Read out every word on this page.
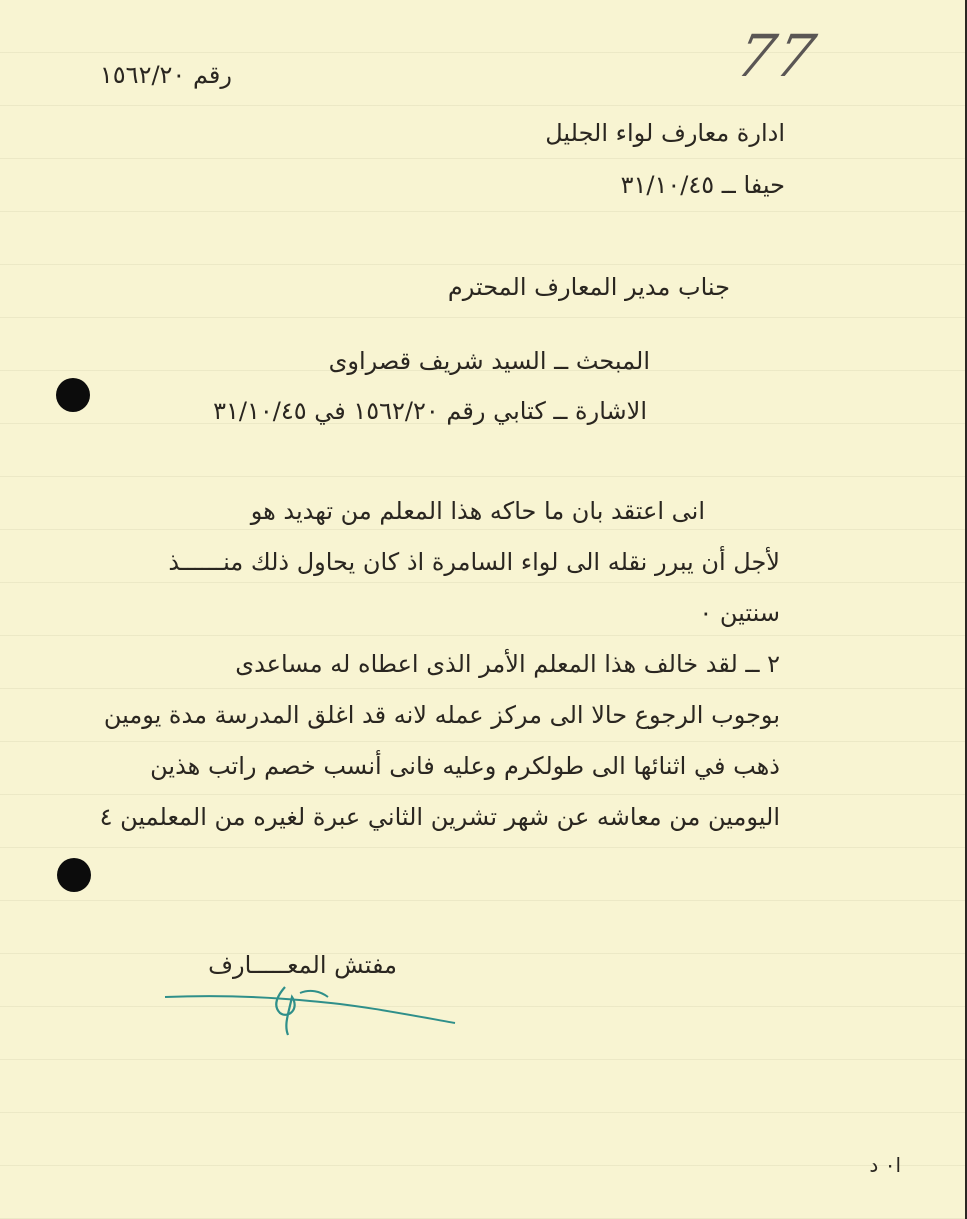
77
رقم ١٥٦٢/٢٠
ادارة معارف لواء الجليل
حيفا ــ ٣١/١٠/٤٥
جناب مدير المعارف المحترم
المبحث ــ السيد شريف قصراوى
الاشارة ــ كتابي رقم ١٥٦٢/٢٠ في ٣١/١٠/٤٥
انى اعتقد بان ما حاكه هذا المعلم من تهديد هو
لأجل أن يبرر نقله الى لواء السامرة اذ كان يحاول ذلك منــــــذ
سنتين ٠
٢ ــ لقد خالف هذا المعلم الأمر الذى اعطاه له مساعدى
بوجوب الرجوع حالا الى مركز عمله لانه قد اغلق المدرسة مدة يومين
ذهب في اثنائها الى طولكرم وعليه فانى أنسب خصم راتب هذين
اليومين من معاشه عن شهر تشرين الثاني عبرة لغيره من المعلمين ٤
مفتش المعـــــارف
ا٠ د
